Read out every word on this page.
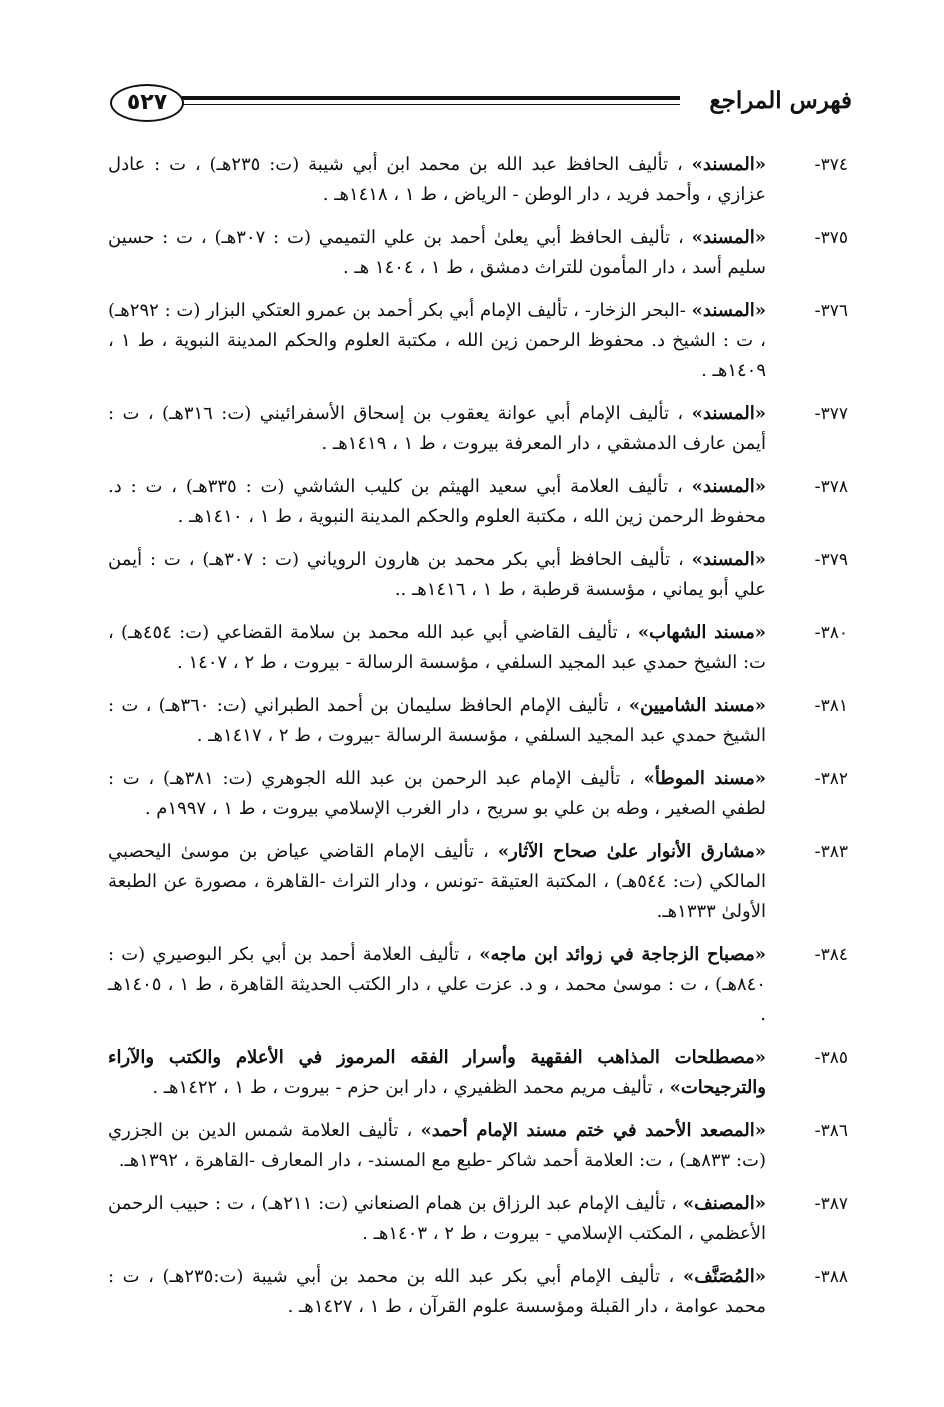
٥٢٧	فهرس المراجع
٣٧٤-
«المسند» ، تأليف الحافظ عبد الله بن محمد ابن أبي شيبة (ت: ٢٣٥هـ) ، ت : عادل عزازي ، وأحمد فريد ، دار الوطن - الرياض ، ط ١ ، ١٤١٨هـ .
٣٧٥-
«المسند» ، تأليف الحافظ أبي يعلىٰ أحمد بن علي التميمي (ت : ٣٠٧هـ) ، ت : حسين سليم أسد ، دار المأمون للتراث دمشق ، ط ١ ، ١٤٠٤ هـ .
٣٧٦-
«المسند» -البحر الزخار- ، تأليف الإمام أبي بكر أحمد بن عمرو العتكي البزار (ت : ٢٩٢هـ) ، ت : الشيخ د. محفوظ الرحمن زين الله ، مكتبة العلوم والحكم المدينة النبوية ، ط ١ ، ١٤٠٩هـ .
٣٧٧-
«المسند» ، تأليف الإمام أبي عوانة يعقوب بن إسحاق الأسفرائيني (ت: ٣١٦هـ) ، ت : أيمن عارف الدمشقي ، دار المعرفة بيروت ، ط ١ ، ١٤١٩هـ .
٣٧٨-
«المسند» ، تأليف العلامة أبي سعيد الهيثم بن كليب الشاشي (ت : ٣٣٥هـ) ، ت : د. محفوظ الرحمن زين الله ، مكتبة العلوم والحكم المدينة النبوية ، ط ١ ، ١٤١٠هـ .
٣٧٩-
«المسند» ، تأليف الحافظ أبي بكر محمد بن هارون الروياني (ت : ٣٠٧هـ) ، ت : أيمن علي أبو يماني ، مؤسسة قرطبة ، ط ١ ، ١٤١٦هـ ..
٣٨٠-
«مسند الشهاب» ، تأليف القاضي أبي عبد الله محمد بن سلامة القضاعي (ت: ٤٥٤هـ) ، ت: الشيخ حمدي عبد المجيد السلفي ، مؤسسة الرسالة - بيروت ، ط ٢ ، ١٤٠٧ .
٣٨١-
«مسند الشاميين» ، تأليف الإمام الحافظ سليمان بن أحمد الطبراني (ت: ٣٦٠هـ) ، ت : الشيخ حمدي عبد المجيد السلفي ، مؤسسة الرسالة -بيروت ، ط ٢ ، ١٤١٧هـ .
٣٨٢-
«مسند الموطأ» ، تأليف الإمام عبد الرحمن بن عبد الله الجوهري (ت: ٣٨١هـ) ، ت : لطفي الصغير ، وطه بن علي بو سريح ، دار الغرب الإسلامي بيروت ، ط ١ ، ١٩٩٧م .
٣٨٣-
«مشارق الأنوار علىٰ صحاح الآثار» ، تأليف الإمام القاضي عياض بن موسىٰ اليحصبي المالكي (ت: ٥٤٤هـ) ، المكتبة العتيقة -تونس ، ودار التراث -القاهرة ، مصورة عن الطبعة الأولىٰ ١٣٣٣هـ.
٣٨٤-
«مصباح الزجاجة في زوائد ابن ماجه» ، تأليف العلامة أحمد بن أبي بكر البوصيري (ت : ٨٤٠هـ) ، ت : موسىٰ محمد ، و د. عزت علي ، دار الكتب الحديثة القاهرة ، ط ١ ، ١٤٠٥هـ .
٣٨٥-
«مصطلحات المذاهب الفقهية وأسرار الفقه المرموز في الأعلام والكتب والآراء والترجيحات» ، تأليف مريم محمد الظفيري ، دار ابن حزم - بيروت ، ط ١ ، ١٤٢٢هـ .
٣٨٦-
«المصعد الأحمد في ختم مسند الإمام أحمد» ، تأليف العلامة شمس الدين بن الجزري (ت: ٨٣٣هـ) ، ت: العلامة أحمد شاكر -طبع مع المسند- ، دار المعارف -القاهرة ، ١٣٩٢هـ.
٣٨٧-
«المصنف» ، تأليف الإمام عبد الرزاق بن همام الصنعاني (ت: ٢١١هـ) ، ت : حبيب الرحمن الأعظمي ، المكتب الإسلامي - بيروت ، ط ٢ ، ١٤٠٣هـ .
٣٨٨-
«المُصَنَّف» ، تأليف الإمام أبي بكر عبد الله بن محمد بن أبي شيبة (ت:٢٣٥هـ) ، ت : محمد عوامة ، دار القبلة ومؤسسة علوم القرآن ، ط ١ ، ١٤٢٧هـ .
